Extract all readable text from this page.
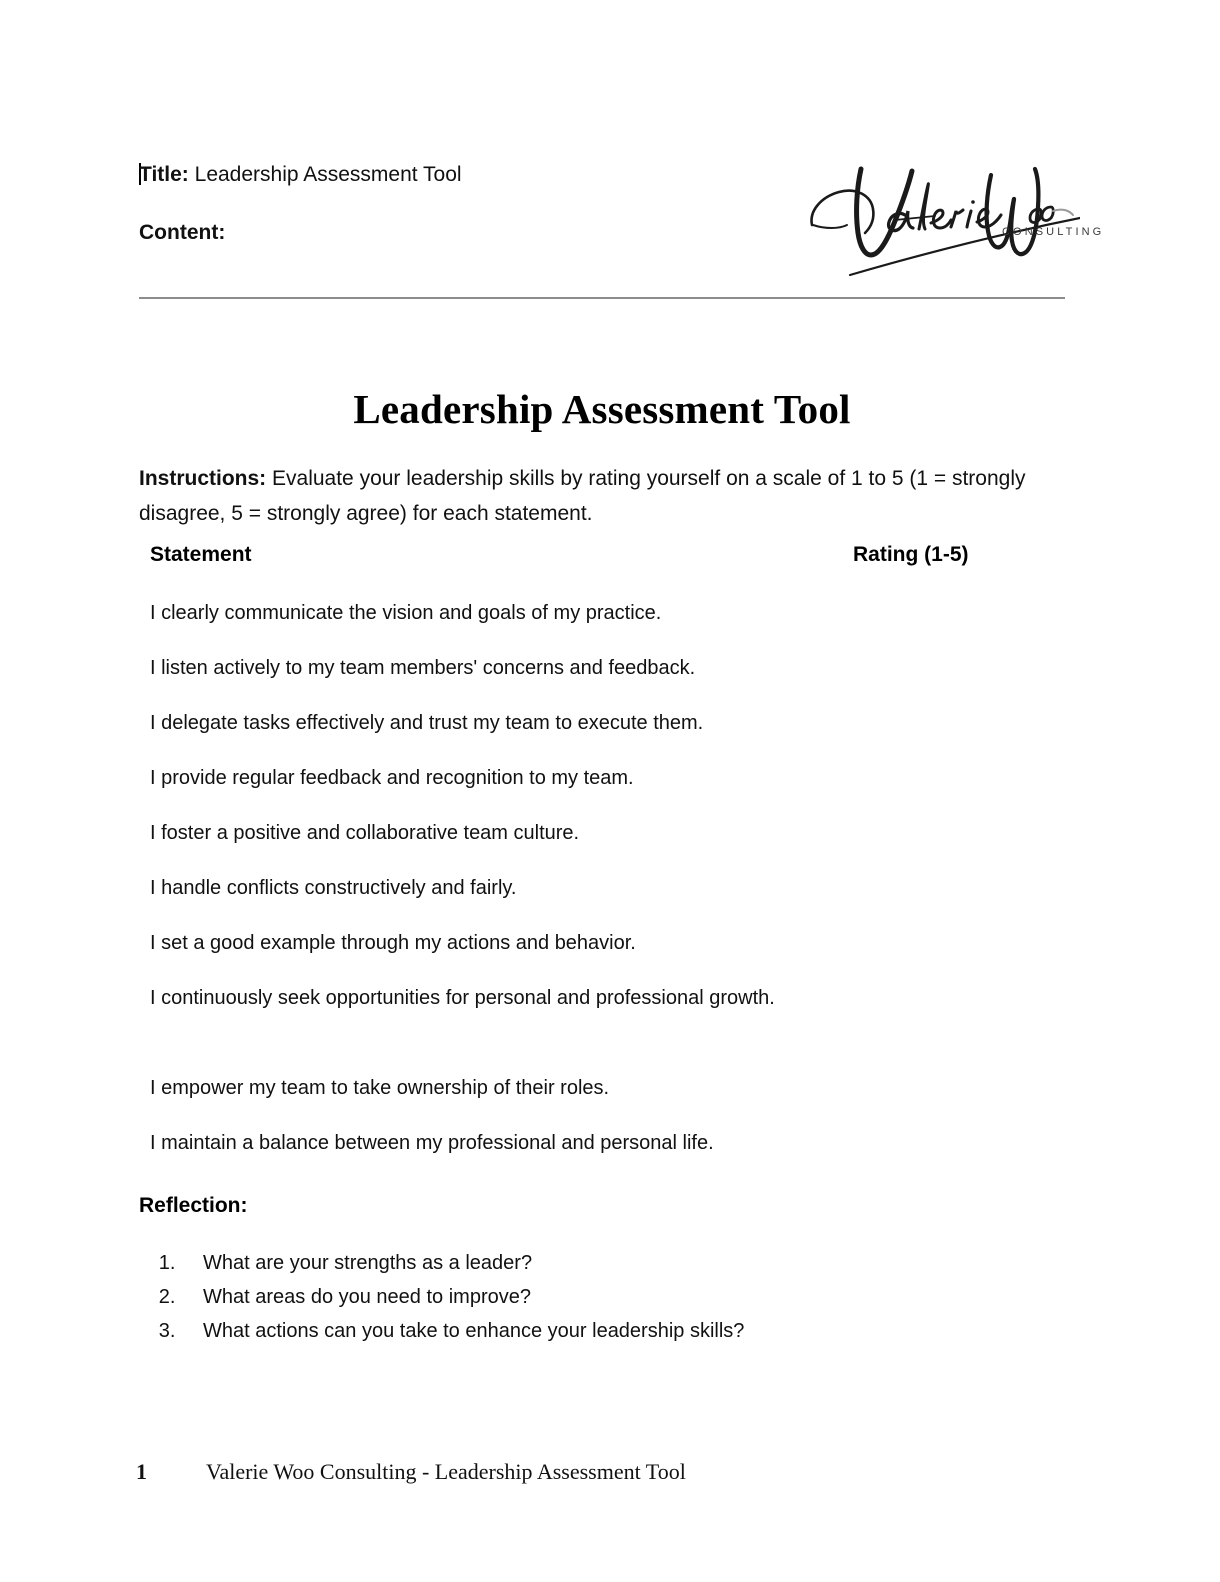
Title: Leadership Assessment Tool

Content:	CONSULTING
Leadership Assessment Tool

Instructions: Evaluate your leadership skills by rating yourself on a scale of 1 to 5 (1 = strongly disagree, 5 = strongly agree) for each statement.

Statement	Rating (1-5)
I clearly communicate the vision and goals of my practice.
I listen actively to my team members' concerns and feedback.
I delegate tasks effectively and trust my team to execute them.
I provide regular feedback and recognition to my team.
I foster a positive and collaborative team culture.
I handle conflicts constructively and fairly.
I set a good example through my actions and behavior.
I continuously seek opportunities for personal and professional growth.
I empower my team to take ownership of their roles.
I maintain a balance between my professional and personal life.
Reflection:
1. What are your strengths as a leader?
2. What areas do you need to improve?
3. What actions can you take to enhance your leadership skills?
1	Valerie Woo Consulting - Leadership Assessment Tool
